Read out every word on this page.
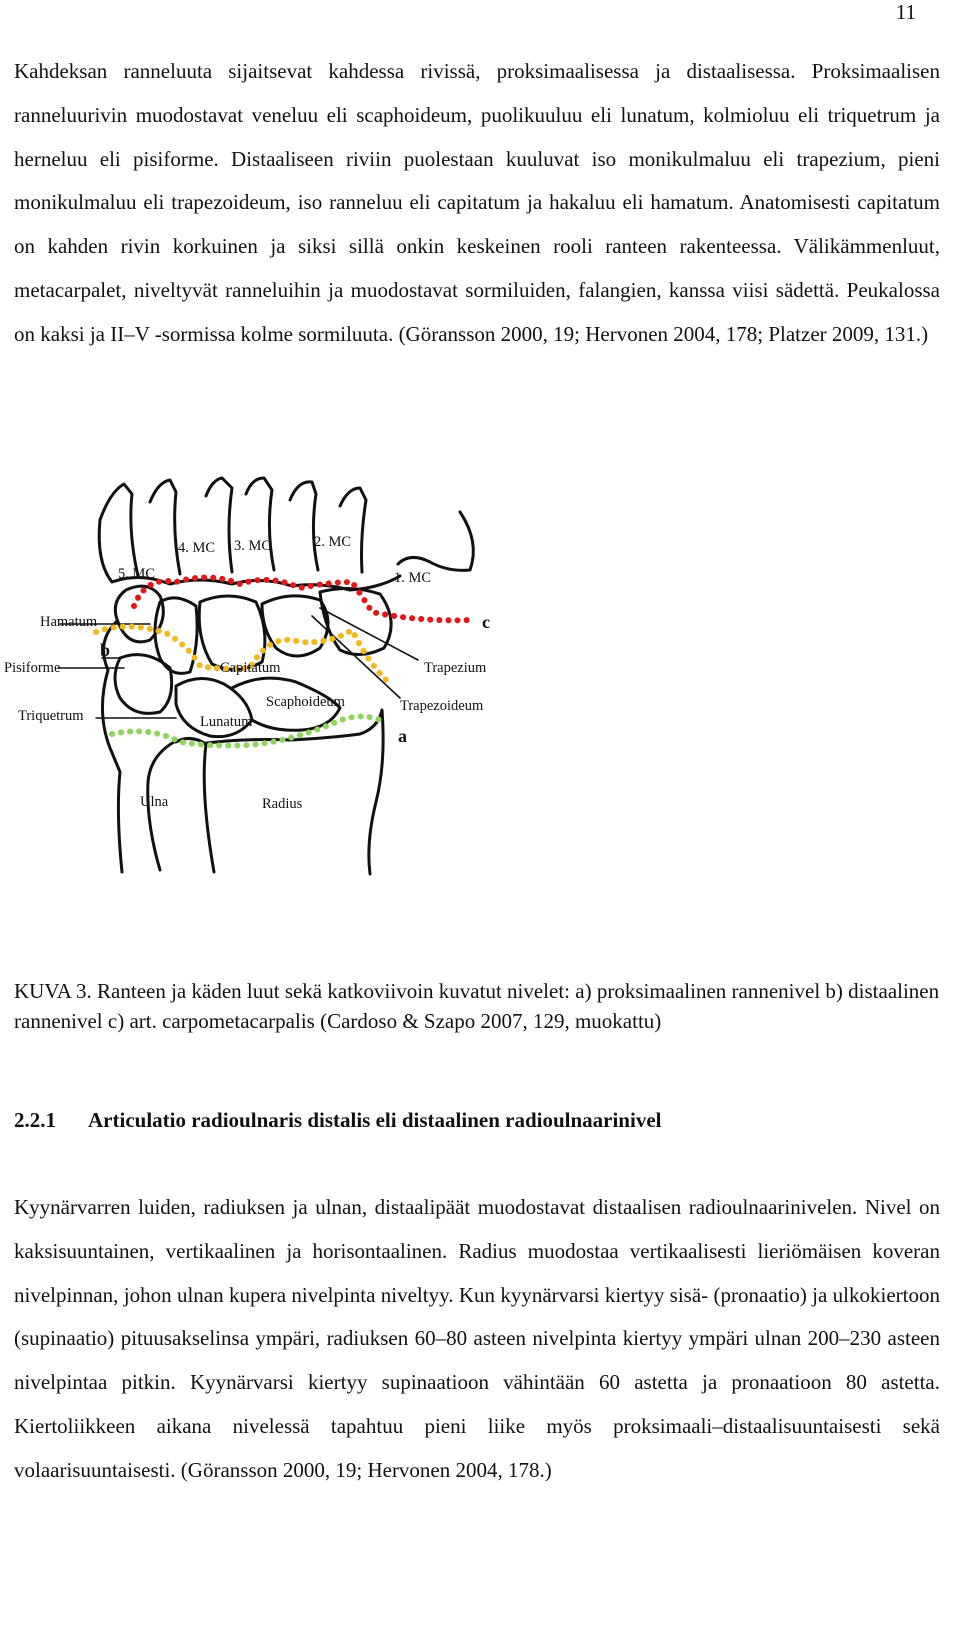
11

Kahdeksan ranneluuta sijaitsevat kahdessa rivissä, proksimaalisessa ja distaalisessa. Proksimaalisen ranneluurivin muodostavat veneluu eli scaphoideum, puolikuuluu eli lunatum, kolmioluu eli triquetrum ja herneluu eli pisiforme. Distaaliseen riviin puolestaan kuuluvat iso monikulmaluu eli trapezium, pieni monikulmaluu eli trapezoideum, iso ranneluu eli capitatum ja hakaluu eli hamatum. Anatomisesti capitatum on kahden rivin korkuinen ja siksi sillä onkin keskeinen rooli ranteen rakenteessa. Välikämmenluut, metacarpalet, niveltyvät ranneluihin ja muodostavat sormiluiden, falangien, kanssa viisi sädettä. Peukalossa on kaksi ja II–V -sormissa kolme sormiluuta. (Göransson 2000, 19; Hervonen 2004, 178; Platzer 2009, 131.)

4. MC 3. MC	2. MC
5. MC	1. MC
Hamatum
b
Pisiforme	Capitatum	Trapezium
Scaphoideum	Trapezoideum
Triquetrum	Lunatum
c
a
Ulna	Radius

KUVA 3. Ranteen ja käden luut sekä katkoviivoin kuvatut nivelet: a) proksimaalinen rannenivel b) distaalinen rannenivel c) art. carpometacarpalis (Cardoso & Szapo 2007, 129, muokattu)

2.2.1 Articulatio radioulnaris distalis eli distaalinen radioulnaarinivel

Kyynärvarren luiden, radiuksen ja ulnan, distaalipäät muodostavat distaalisen radioulnaarinivelen. Nivel on kaksisuuntainen, vertikaalinen ja horisontaalinen. Radius muodostaa vertikaalisesti lieriömäisen koveran nivelpinnan, johon ulnan kupera nivelpinta niveltyy. Kun kyynärvarsi kiertyy sisä- (pronaatio) ja ulkokiertoon (supinaatio) pituusakselinsa ympäri, radiuksen 60–80 asteen nivelpinta kiertyy ympäri ulnan 200–230 asteen nivelpintaa pitkin. Kyynärvarsi kiertyy supinaatioon vähintään 60 astetta ja pronaatioon 80 astetta. Kiertoliikkeen aikana nivelessä tapahtuu pieni liike myös proksimaali–distaalisuuntaisesti sekä volaarisuuntaisesti. (Göransson 2000, 19; Hervonen 2004, 178.)
